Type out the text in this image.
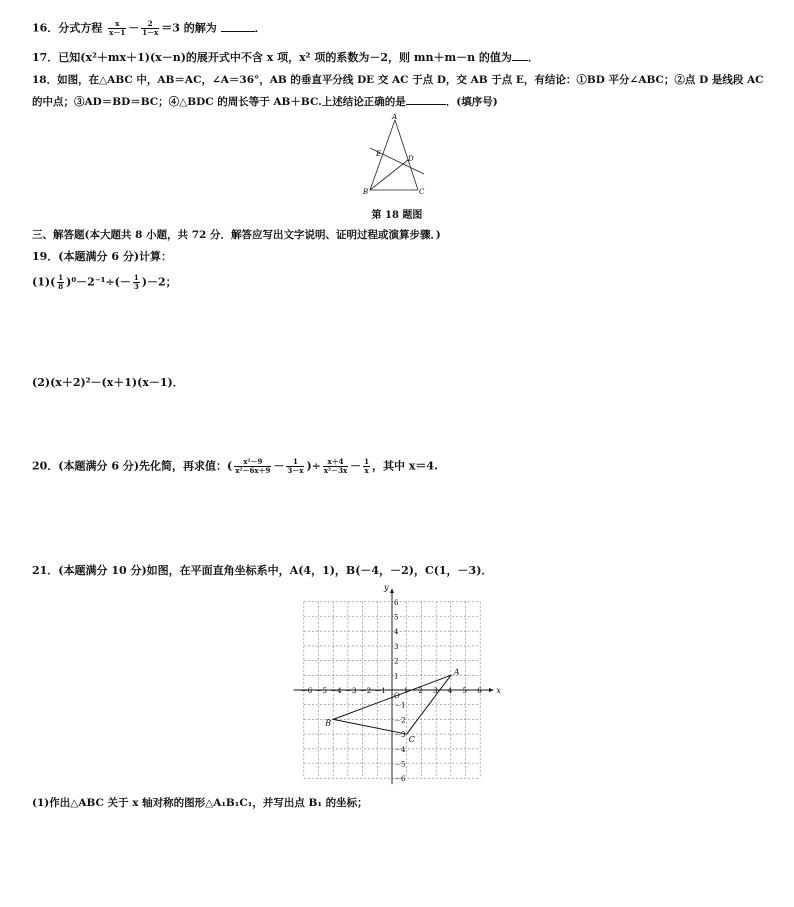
16．分式方程 $\frac{x}{x-1} - \frac{2}{1-x} =3$ 的解为	．
17．已知(x²＋mx＋1)(x－n)的展开式中不含 x 项，x² 项的系数为－2，则 mn＋m－n 的值为 ．
18．如图，在△ABC 中，AB＝AC，∠A＝36°，AB 的垂直平分线 DE 交 AC 于点 D，交 AB 于点 E，有结论：①BD 平分∠ABC；②点 D 是线段 AC
的中点；③AD＝BD＝BC；④△BDC 的周长等于 AB＋BC.上述结论正确的是	．(填序号)
A
B	C
D
E
第 18 题图
三、解答题(本大题共 8 小题，共 72 分．解答应写出文字说明、证明过程或演算步骤．)
19．(本题满分 6 分)计算：
$(1)( \frac{1}{8} )^0-2^{-1}\div(- \frac{1}{3} )-2$；
(2)(x＋2)²－(x＋1)(x－1)．
20．(本题满分 6 分)先化简，再求值：( $\frac{\text{x²－9}}{\text{x²－6x＋9}} - \frac{1}{3-x}$ )÷ $\frac{x+4}{\text{x²－3x}} - \frac{1}{x}$ ，其中 x＝4.
21．(本题满分 10 分)如图，在平面直角坐标系中，A(4，1)，B(－4，－2)，C(1，－3)．
x
y
O
－6
－6
－5
－5
－4
－4
－3
－3
－2
－2
－1
－1
1
1
2
2
3
3
4
4
5
5
6
6
A
B
C
(1)作出△ABC 关于 x 轴对称的图形△A₁B₁C₁，并写出点 B₁ 的坐标；
